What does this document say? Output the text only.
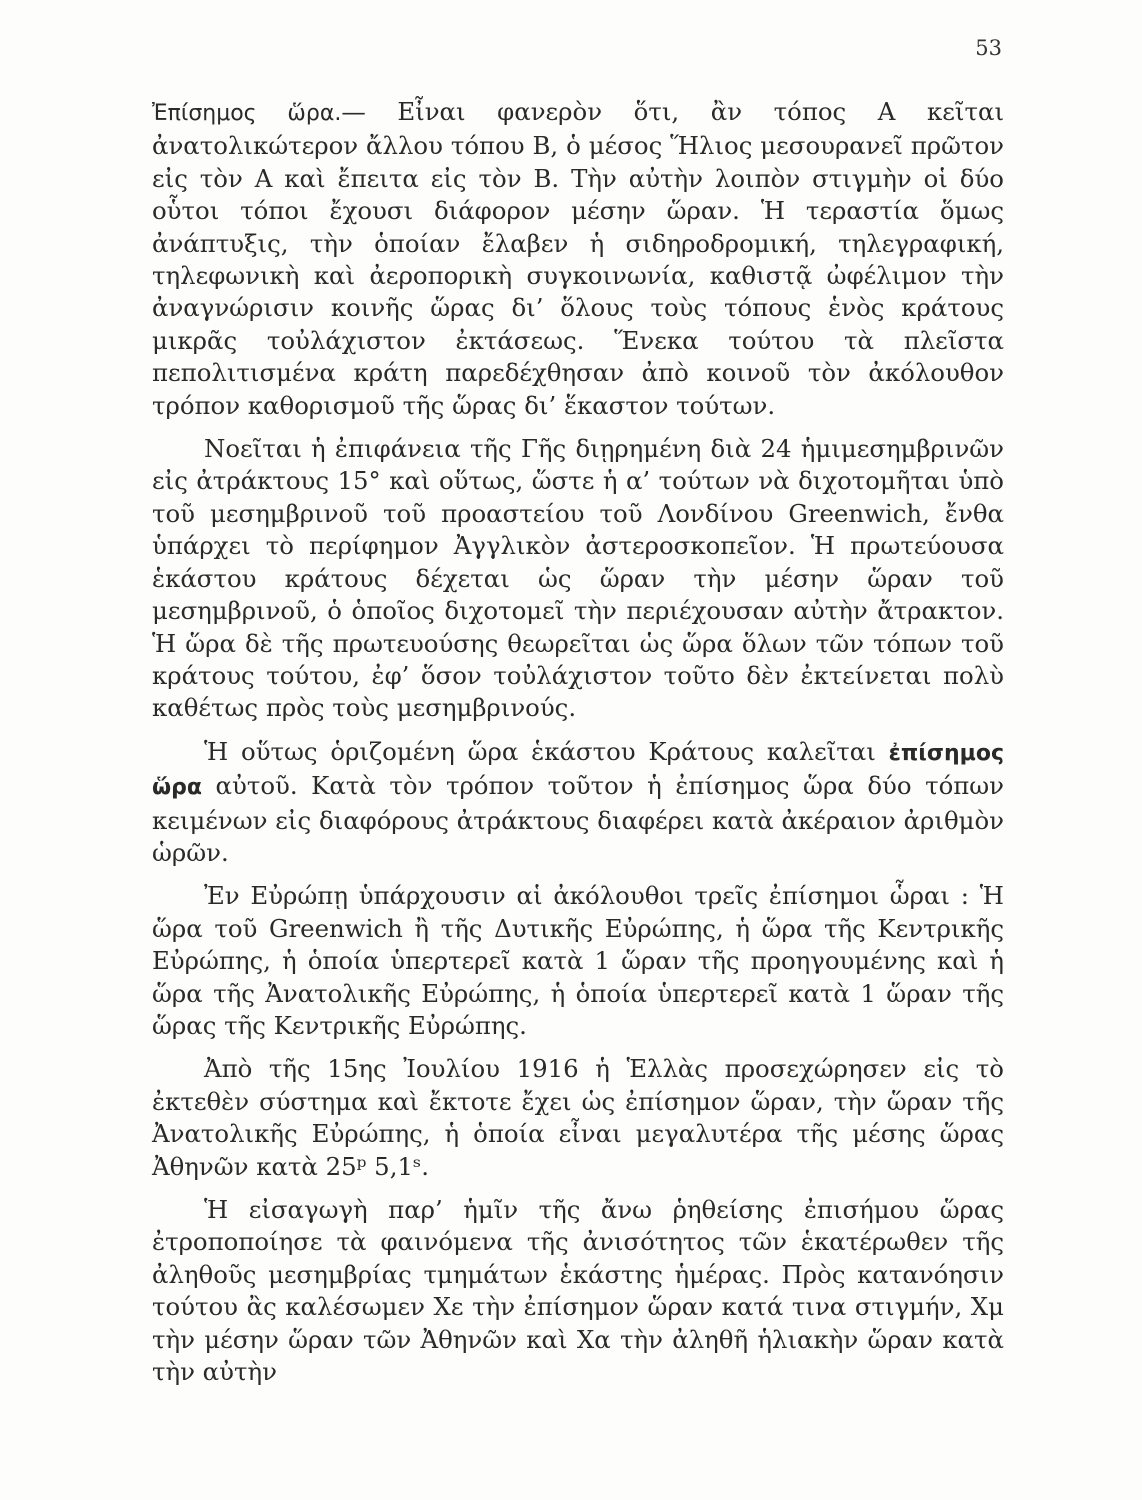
53

Ἐπίσημος ὥρα.— Εἶναι φανερὸν ὅτι, ἂν τόπος Α κεῖται ἀνατολικώτερον ἄλλου τόπου Β, ὁ μέσος Ἥλιος μεσουρανεῖ πρῶτον εἰς τὸν Α καὶ ἔπειτα εἰς τὸν Β. Τὴν αὐτὴν λοιπὸν στιγμὴν οἱ δύο οὗτοι τόποι ἔχουσι διάφορον μέσην ὥραν. Ἡ τεραστία ὅμως ἀνάπτυξις, τὴν ὁποίαν ἔλαβεν ἡ σιδηροδρομική, τηλεγραφική, τηλεφωνικὴ καὶ ἀεροπορικὴ συγκοινωνία, καθιστᾷ ὠφέλιμον τὴν ἀναγνώρισιν κοινῆς ὥρας δι’ ὅλους τοὺς τόπους ἑνὸς κράτους μικρᾶς τοὐλάχιστον ἐκτάσεως. Ἕνεκα τούτου τὰ πλεῖστα πεπολιτισμένα κράτη παρεδέχθησαν ἀπὸ κοινοῦ τὸν ἀκόλουθον τρόπον καθορισμοῦ τῆς ὥρας δι’ ἕκαστον τούτων.

Νοεῖται ἡ ἐπιφάνεια τῆς Γῆς διῃρημένη διὰ 24 ἡμιμεσημβρινῶν εἰς ἀτράκτους 15° καὶ οὕτως, ὥστε ἡ α’ τούτων νὰ διχοτομῆται ὑπὸ τοῦ μεσημβρινοῦ τοῦ προαστείου τοῦ Λονδίνου Greenwich, ἔνθα ὑπάρχει τὸ περίφημον Ἀγγλικὸν ἀστεροσκοπεῖον. Ἡ πρωτεύουσα ἑκάστου κράτους δέχεται ὡς ὥραν τὴν μέσην ὥραν τοῦ μεσημβρινοῦ, ὁ ὁποῖος διχοτομεῖ τὴν περιέχουσαν αὐτὴν ἄτρακτον. Ἡ ὥρα δὲ τῆς πρωτευούσης θεωρεῖται ὡς ὥρα ὅλων τῶν τόπων τοῦ κράτους τούτου, ἐφ’ ὅσον τοὐλάχιστον τοῦτο δὲν ἐκτείνεται πολὺ καθέτως πρὸς τοὺς μεσημβρινούς.

Ἡ οὕτως ὁριζομένη ὥρα ἑκάστου Κράτους καλεῖται ἐπίσημος ὥρα αὐτοῦ. Κατὰ τὸν τρόπον τοῦτον ἡ ἐπίσημος ὥρα δύο τόπων κειμένων εἰς διαφόρους ἀτράκτους διαφέρει κατὰ ἀκέραιον ἀριθμὸν ὡρῶν.

Ἐν Εὐρώπῃ ὑπάρχουσιν αἱ ἀκόλουθοι τρεῖς ἐπίσημοι ὧραι : Ἡ ὥρα τοῦ Greenwich ἢ τῆς Δυτικῆς Εὐρώπης, ἡ ὥρα τῆς Κεντρικῆς Εὐρώπης, ἡ ὁποία ὑπερτερεῖ κατὰ 1 ὥραν τῆς προηγουμένης καὶ ἡ ὥρα τῆς Ἀνατολικῆς Εὐρώπης, ἡ ὁποία ὑπερτερεῖ κατὰ 1 ὥραν τῆς ὥρας τῆς Κεντρικῆς Εὐρώπης.

Ἀπὸ τῆς 15ης Ἰουλίου 1916 ἡ Ἑλλὰς προσεχώρησεν εἰς τὸ ἐκτεθὲν σύστημα καὶ ἔκτοτε ἔχει ὡς ἐπίσημον ὥραν, τὴν ὥραν τῆς Ἀνατολικῆς Εὐρώπης, ἡ ὁποία εἶναι μεγαλυτέρα τῆς μέσης ὥρας Ἀθηνῶν κατὰ 25ᵖ 5,1ˢ.

Ἡ εἰσαγωγὴ παρ’ ἡμῖν τῆς ἄνω ῥηθείσης ἐπισήμου ὥρας ἐτροποποίησε τὰ φαινόμενα τῆς ἀνισότητος τῶν ἑκατέρωθεν τῆς ἀληθοῦς μεσημβρίας τμημάτων ἑκάστης ἡμέρας. Πρὸς κατανόησιν τούτου ἂς καλέσωμεν Xε τὴν ἐπίσημον ὥραν κατά τινα στιγμήν, Xμ τὴν μέσην ὥραν τῶν Ἀθηνῶν καὶ Xα τὴν ἀληθῆ ἡλιακὴν ὥραν κατὰ τὴν αὐτὴν
